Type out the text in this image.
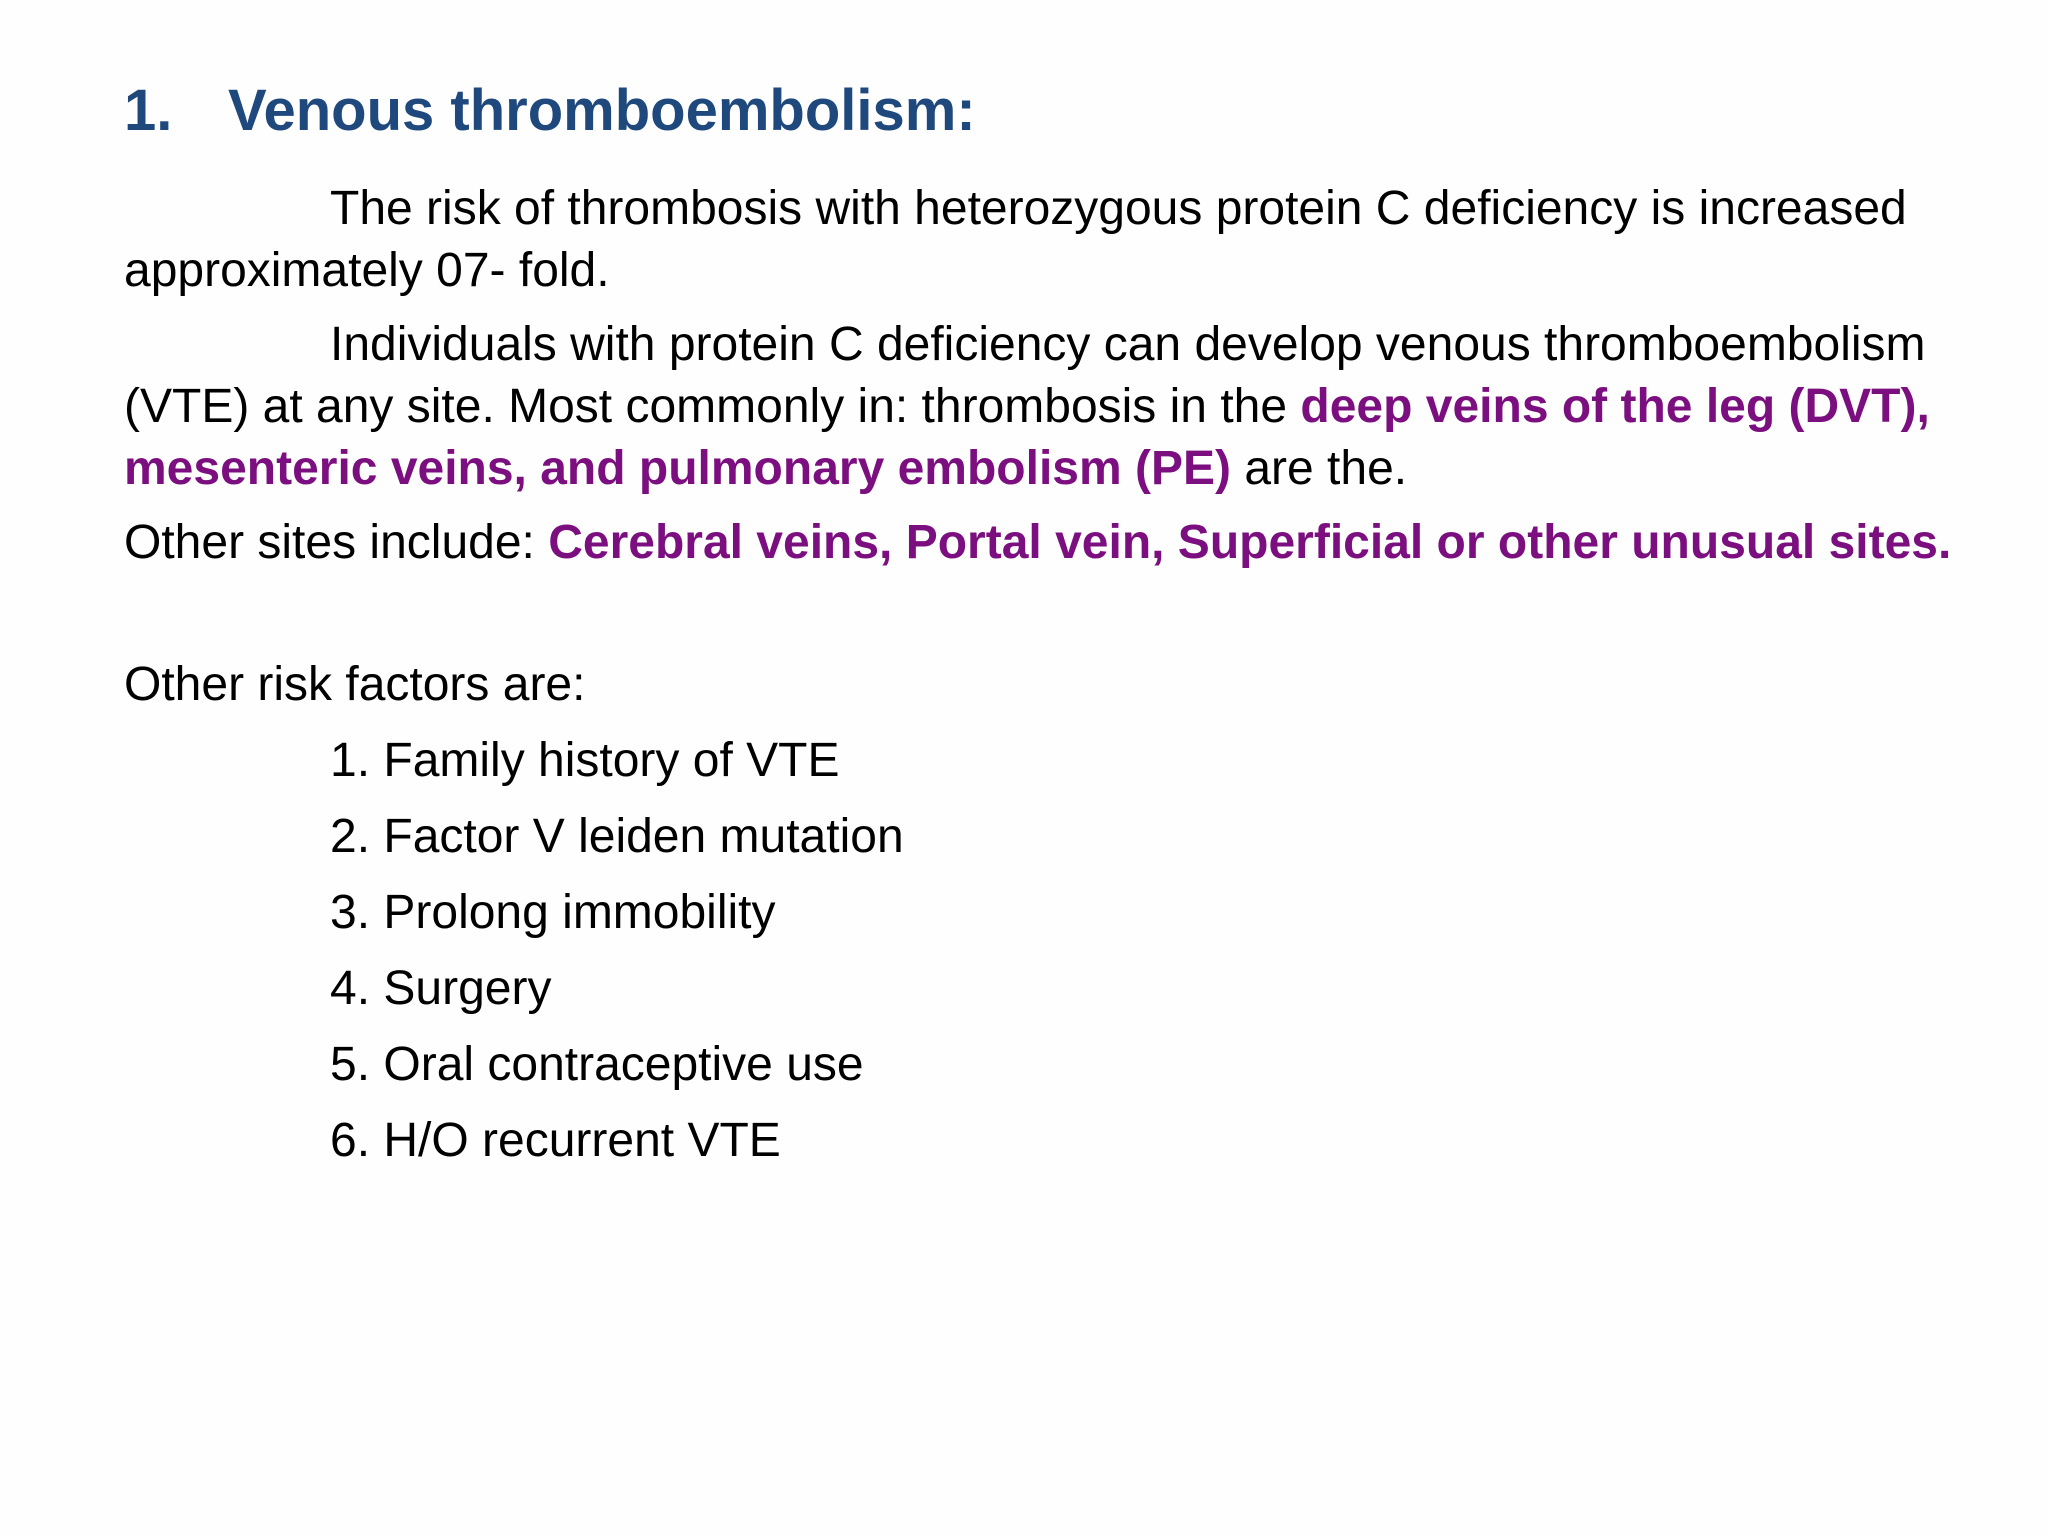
1. Venous thromboembolism:

The risk of thrombosis with heterozygous protein C deficiency is increased approximately 07- fold.

Individuals with protein C deficiency can develop venous thromboembolism (VTE) at any site. Most commonly in: thrombosis in the deep veins of the leg (DVT), mesenteric veins, and pulmonary embolism (PE) are the.

Other sites include: Cerebral veins, Portal vein, Superficial or other unusual sites.

Other risk factors are:

1. Family history of VTE
2. Factor V leiden mutation
3. Prolong immobility
4. Surgery
5. Oral contraceptive use
6. H/O recurrent VTE
